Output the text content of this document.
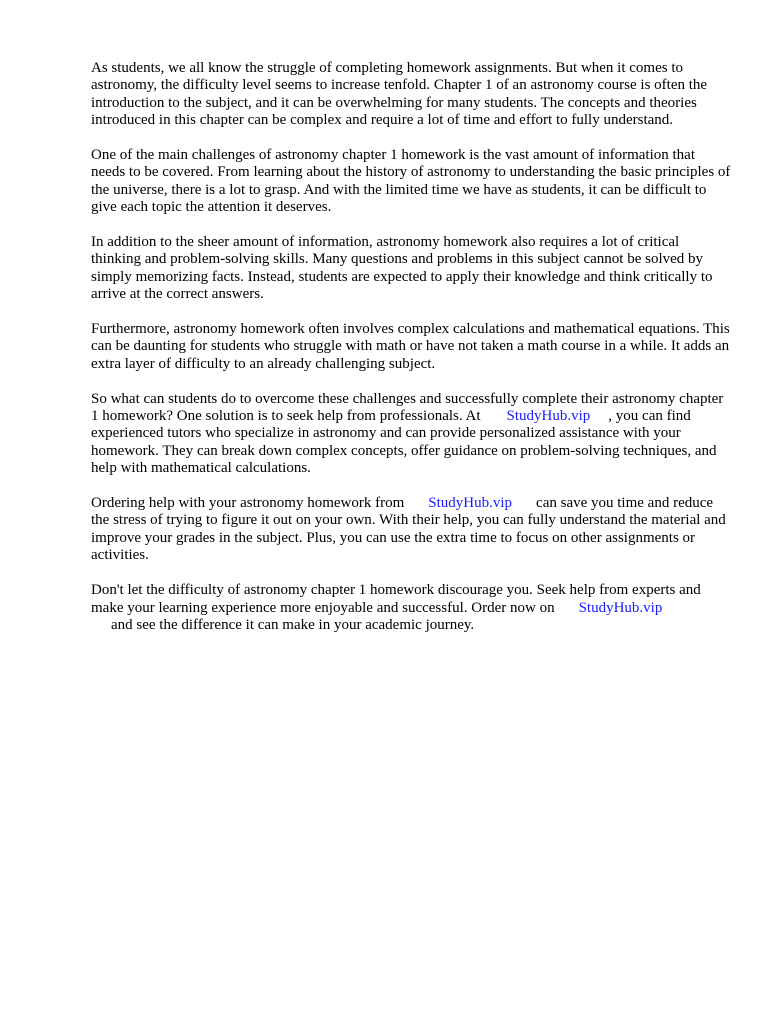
As students, we all know the struggle of completing homework assignments. But when it comes to astronomy, the difficulty level seems to increase tenfold. Chapter 1 of an astronomy course is often the introduction to the subject, and it can be overwhelming for many students. The concepts and theories introduced in this chapter can be complex and require a lot of time and effort to fully understand.

One of the main challenges of astronomy chapter 1 homework is the vast amount of information that needs to be covered. From learning about the history of astronomy to understanding the basic principles of the universe, there is a lot to grasp. And with the limited time we have as students, it can be difficult to give each topic the attention it deserves.

In addition to the sheer amount of information, astronomy homework also requires a lot of critical thinking and problem-solving skills. Many questions and problems in this subject cannot be solved by simply memorizing facts. Instead, students are expected to apply their knowledge and think critically to arrive at the correct answers.

Furthermore, astronomy homework often involves complex calculations and mathematical equations. This can be daunting for students who struggle with math or have not taken a math course in a while. It adds an extra layer of difficulty to an already challenging subject.

So what can students do to overcome these challenges and successfully complete their astronomy chapter 1 homework? One solution is to seek help from professionals. At StudyHub.vip , you can find experienced tutors who specialize in astronomy and can provide personalized assistance with your homework. They can break down complex concepts, offer guidance on problem-solving techniques, and help with mathematical calculations.

Ordering help with your astronomy homework from StudyHub.vip can save you time and reduce the stress of trying to figure it out on your own. With their help, you can fully understand the material and improve your grades in the subject. Plus, you can use the extra time to focus on other assignments or activities.

Don't let the difficulty of astronomy chapter 1 homework discourage you. Seek help from experts and make your learning experience more enjoyable and successful. Order now on StudyHub.vip
and see the difference it can make in your academic journey.
